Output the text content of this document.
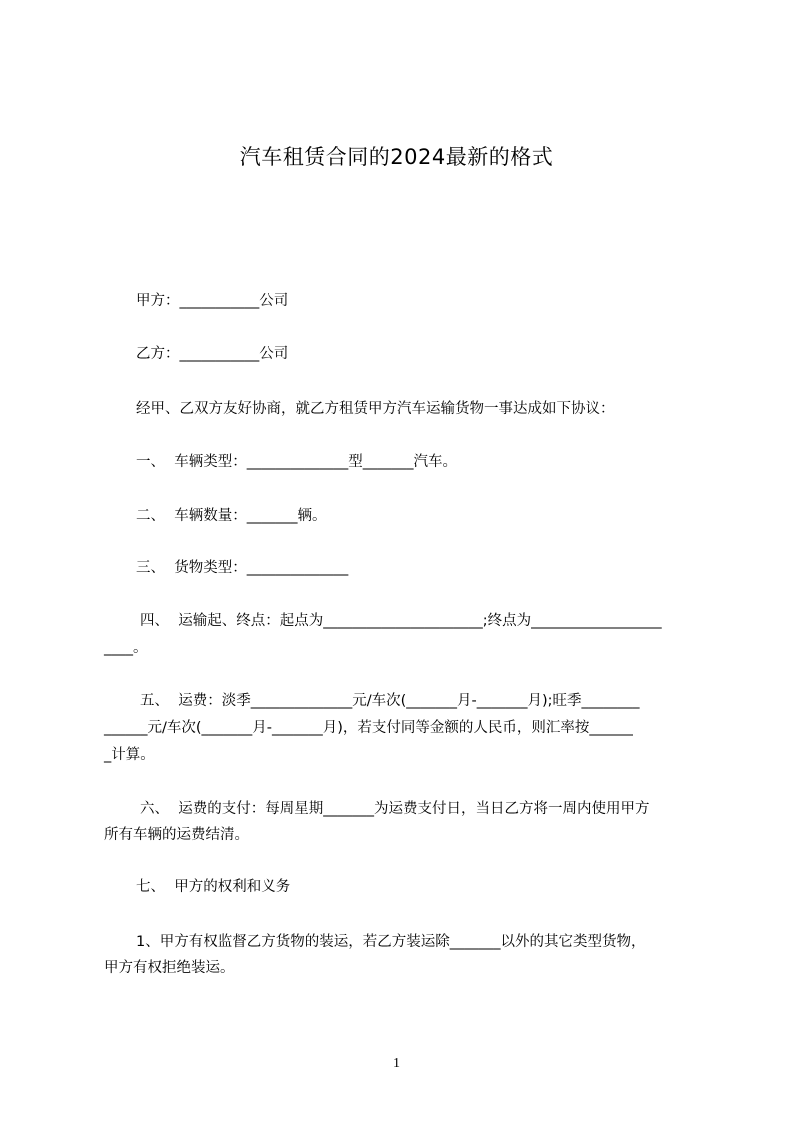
汽车租赁合同的2024最新的格式
甲方：___________公司
乙方：___________公司
经甲、乙双方友好协商，就乙方租赁甲方汽车运输货物一事达成如下协议：
一、  车辆类型：______________型_______汽车。
二、  车辆数量：_______辆。
三、  货物类型：______________
四、  运输起、终点：起点为______________________;终点为__________________
____。
五、  运费：淡季______________元/车次(_______月-_______月);旺季________
______元/车次(_______月-_______月)，若支付同等金额的人民币，则汇率按______
_计算。
六、  运费的支付：每周星期_______为运费支付日，当日乙方将一周内使用甲方
所有车辆的运费结清。
七、  甲方的权利和义务
1、甲方有权监督乙方货物的装运，若乙方装运除_______以外的其它类型货物，
甲方有权拒绝装运。
1
